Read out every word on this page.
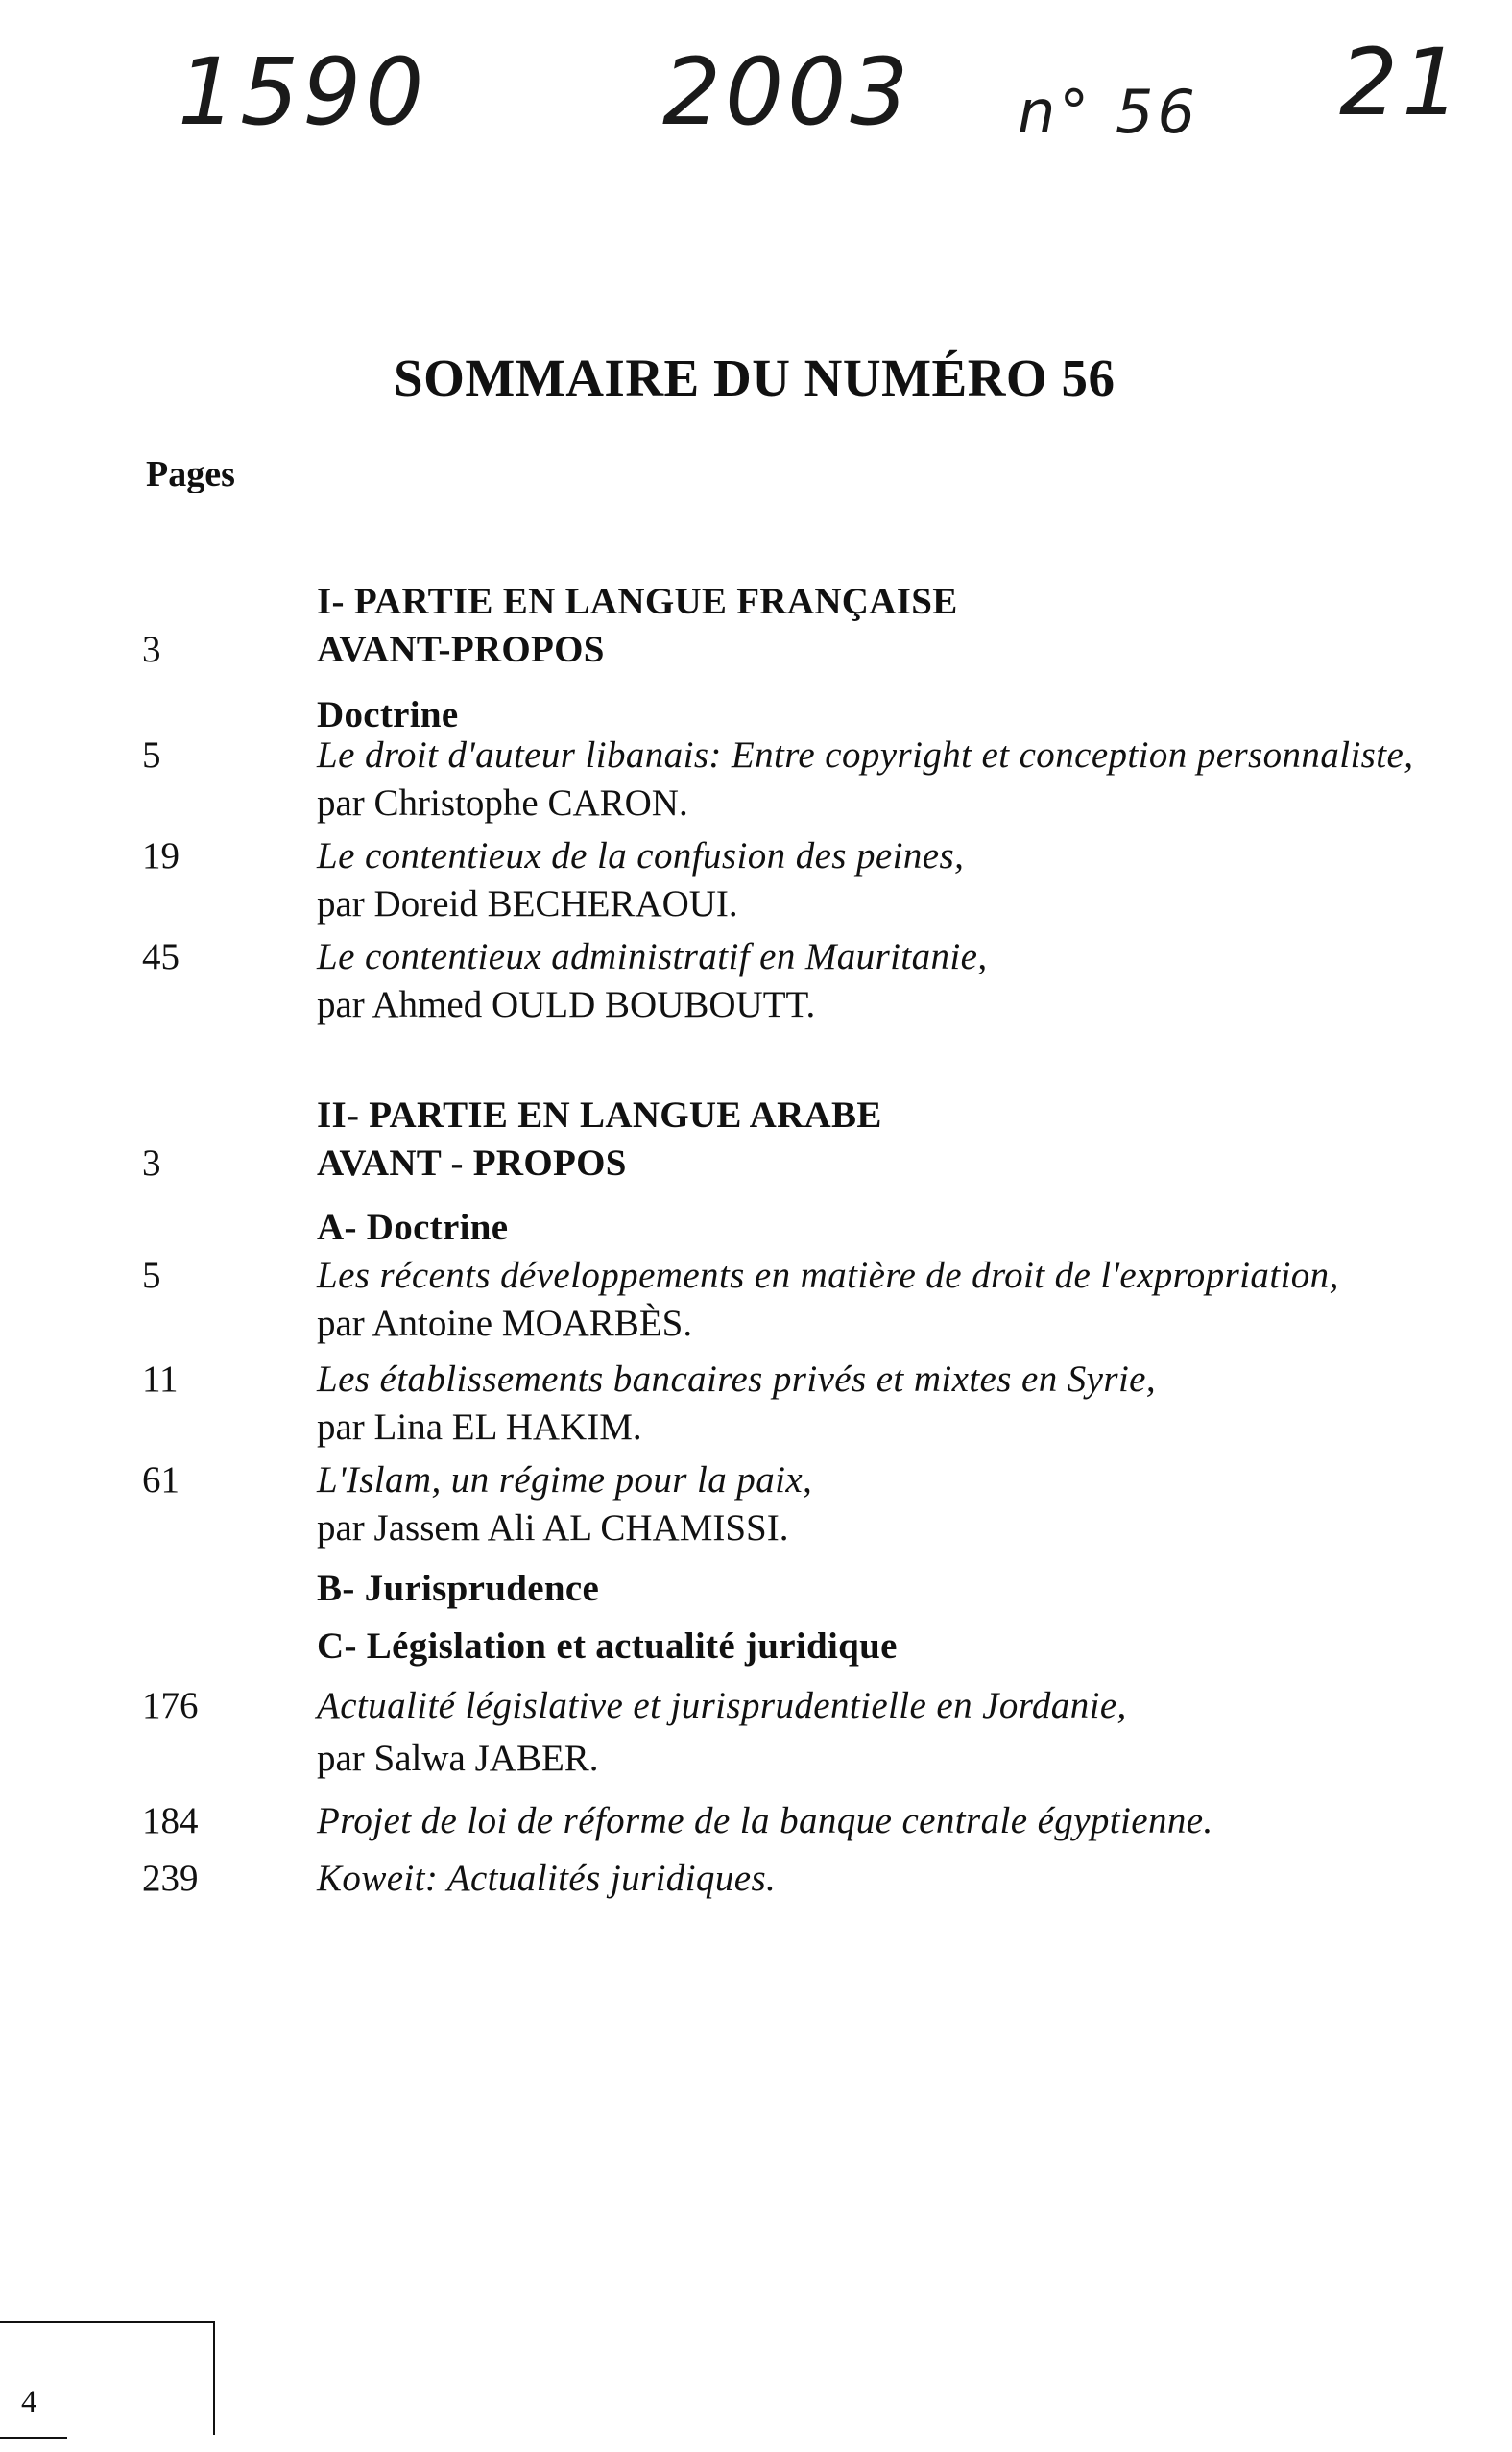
1590	2003 n° 56 21
SOMMAIRE DU NUMÉRO 56
Pages
I- PARTIE EN LANGUE FRANÇAISE
3	AVANT-PROPOS
Doctrine
5	Le droit d'auteur libanais: Entre copyright et conception personnaliste,
par Christophe CARON.
19	Le contentieux de la confusion des peines,
par Doreid BECHERAOUI.
45	Le contentieux administratif en Mauritanie,
par Ahmed OULD BOUBOUTT.
II- PARTIE EN LANGUE ARABE
3	AVANT - PROPOS
A- Doctrine
5	Les récents développements en matière de droit de l'expropriation,
par Antoine MOARBÈS.
11	Les établissements bancaires privés et mixtes en Syrie,
par Lina EL HAKIM.
61	L'Islam, un régime pour la paix,
par Jassem Ali AL CHAMISSI.
B- Jurisprudence
C- Législation et actualité juridique
176	Actualité législative et jurisprudentielle en Jordanie,
par Salwa JABER.
184	Projet de loi de réforme de la banque centrale égyptienne.
239	Koweit: Actualités juridiques.
4
